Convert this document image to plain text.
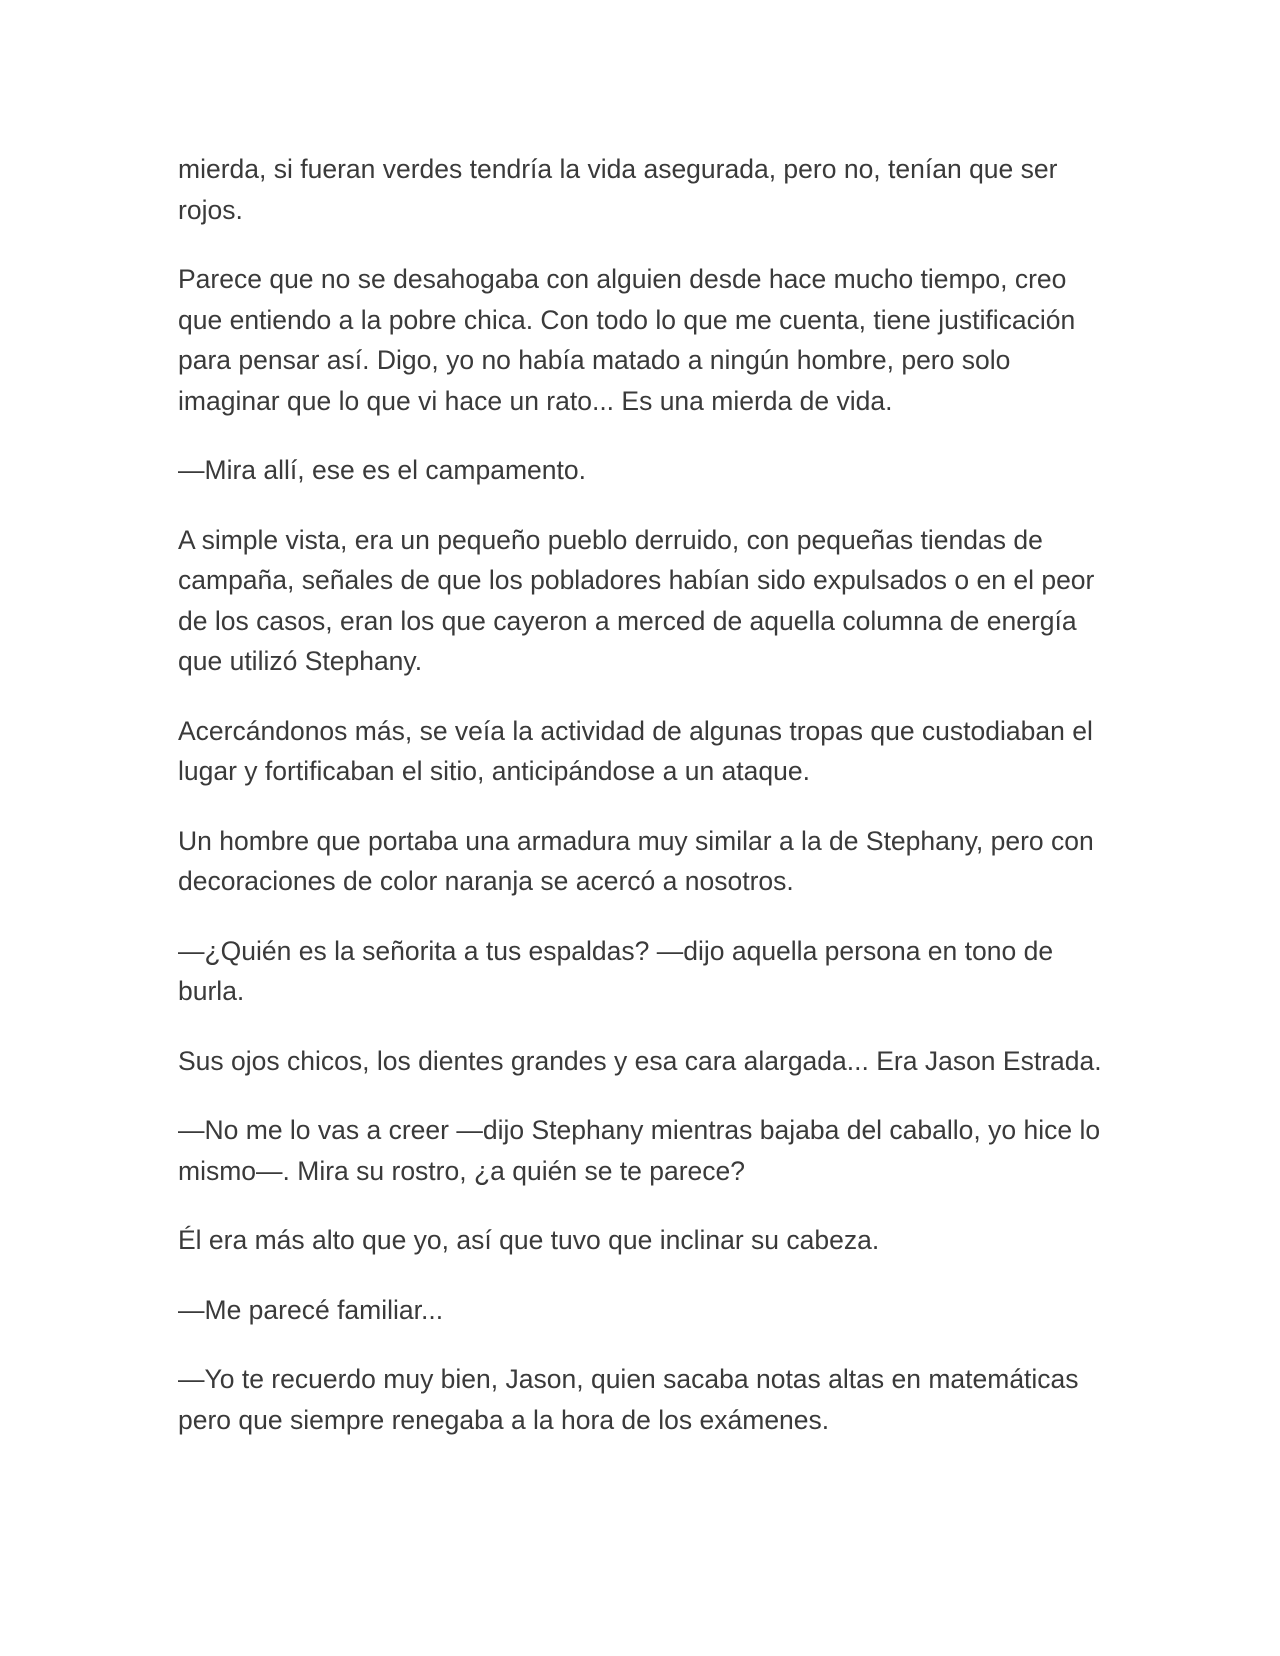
mierda, si fueran verdes tendría la vida asegurada, pero no, tenían que ser rojos.

Parece que no se desahogaba con alguien desde hace mucho tiempo, creo que entiendo a la pobre chica. Con todo lo que me cuenta, tiene justificación para pensar así. Digo, yo no había matado a ningún hombre, pero solo imaginar que lo que vi hace un rato... Es una mierda de vida.

—Mira allí, ese es el campamento.

A simple vista, era un pequeño pueblo derruido, con pequeñas tiendas de campaña, señales de que los pobladores habían sido expulsados o en el peor de los casos, eran los que cayeron a merced de aquella columna de energía que utilizó Stephany.

Acercándonos más, se veía la actividad de algunas tropas que custodiaban el lugar y fortificaban el sitio, anticipándose a un ataque.

Un hombre que portaba una armadura muy similar a la de Stephany, pero con decoraciones de color naranja se acercó a nosotros.

—¿Quién es la señorita a tus espaldas? —dijo aquella persona en tono de burla.

Sus ojos chicos, los dientes grandes y esa cara alargada... Era Jason Estrada.

—No me lo vas a creer —dijo Stephany mientras bajaba del caballo, yo hice lo mismo—. Mira su rostro, ¿a quién se te parece?

Él era más alto que yo, así que tuvo que inclinar su cabeza.

—Me parecé familiar...

—Yo te recuerdo muy bien, Jason, quien sacaba notas altas en matemáticas pero que siempre renegaba a la hora de los exámenes.
